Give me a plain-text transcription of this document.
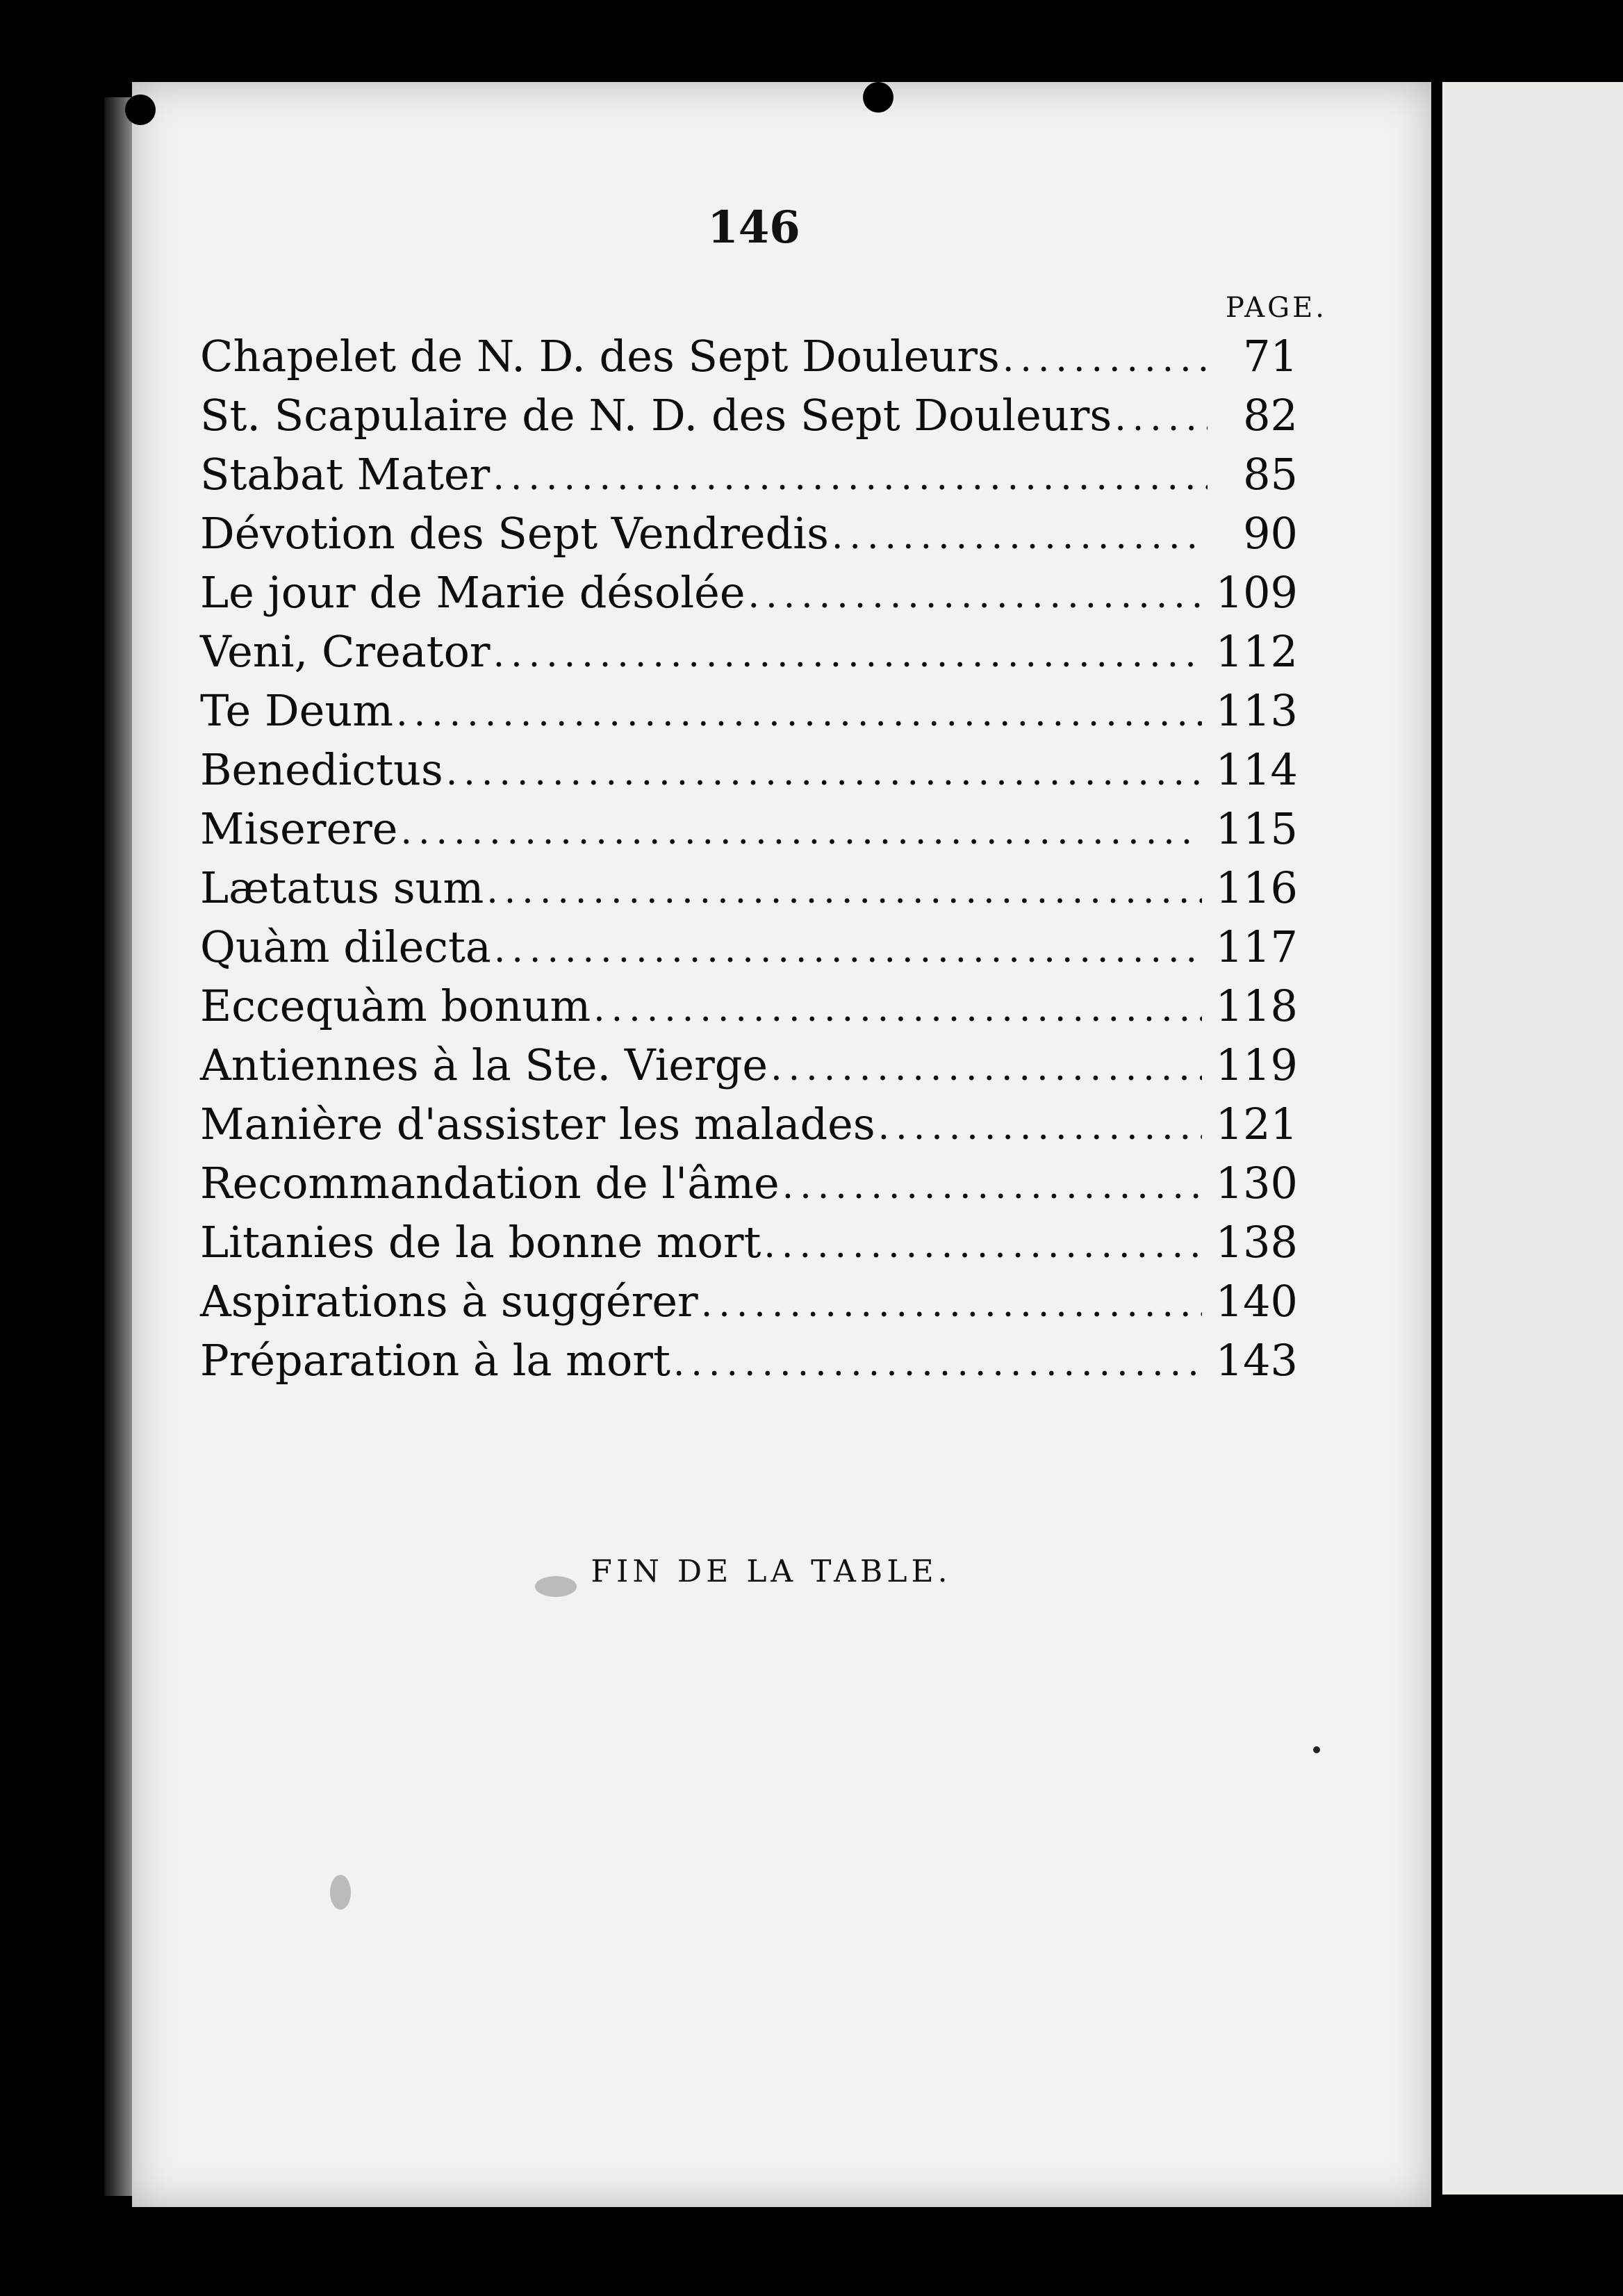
146
PAGE.
Chapelet de N. D. des Sept Douleurs .....	71
St. Scapulaire de N. D. des Sept Douleurs .....	82
Stabat Mater .....	85
Dévotion des Sept Vendredis .....	90
Le jour de Marie désolée .....	109
Veni, Creator .....	112
Te Deum .....	113
Benedictus .....	114
Miserere .....	115
Lætatus sum .....	116
Quàm dilecta .....	117
Eccequàm bonum .....	118
Antiennes à la Ste. Vierge .....	119
Manière d'assister les malades .....	121
Recommandation de l'âme .....	130
Litanies de la bonne mort .....	138
Aspirations à suggérer .....	140
Préparation à la mort .....	143
FIN DE LA TABLE.
